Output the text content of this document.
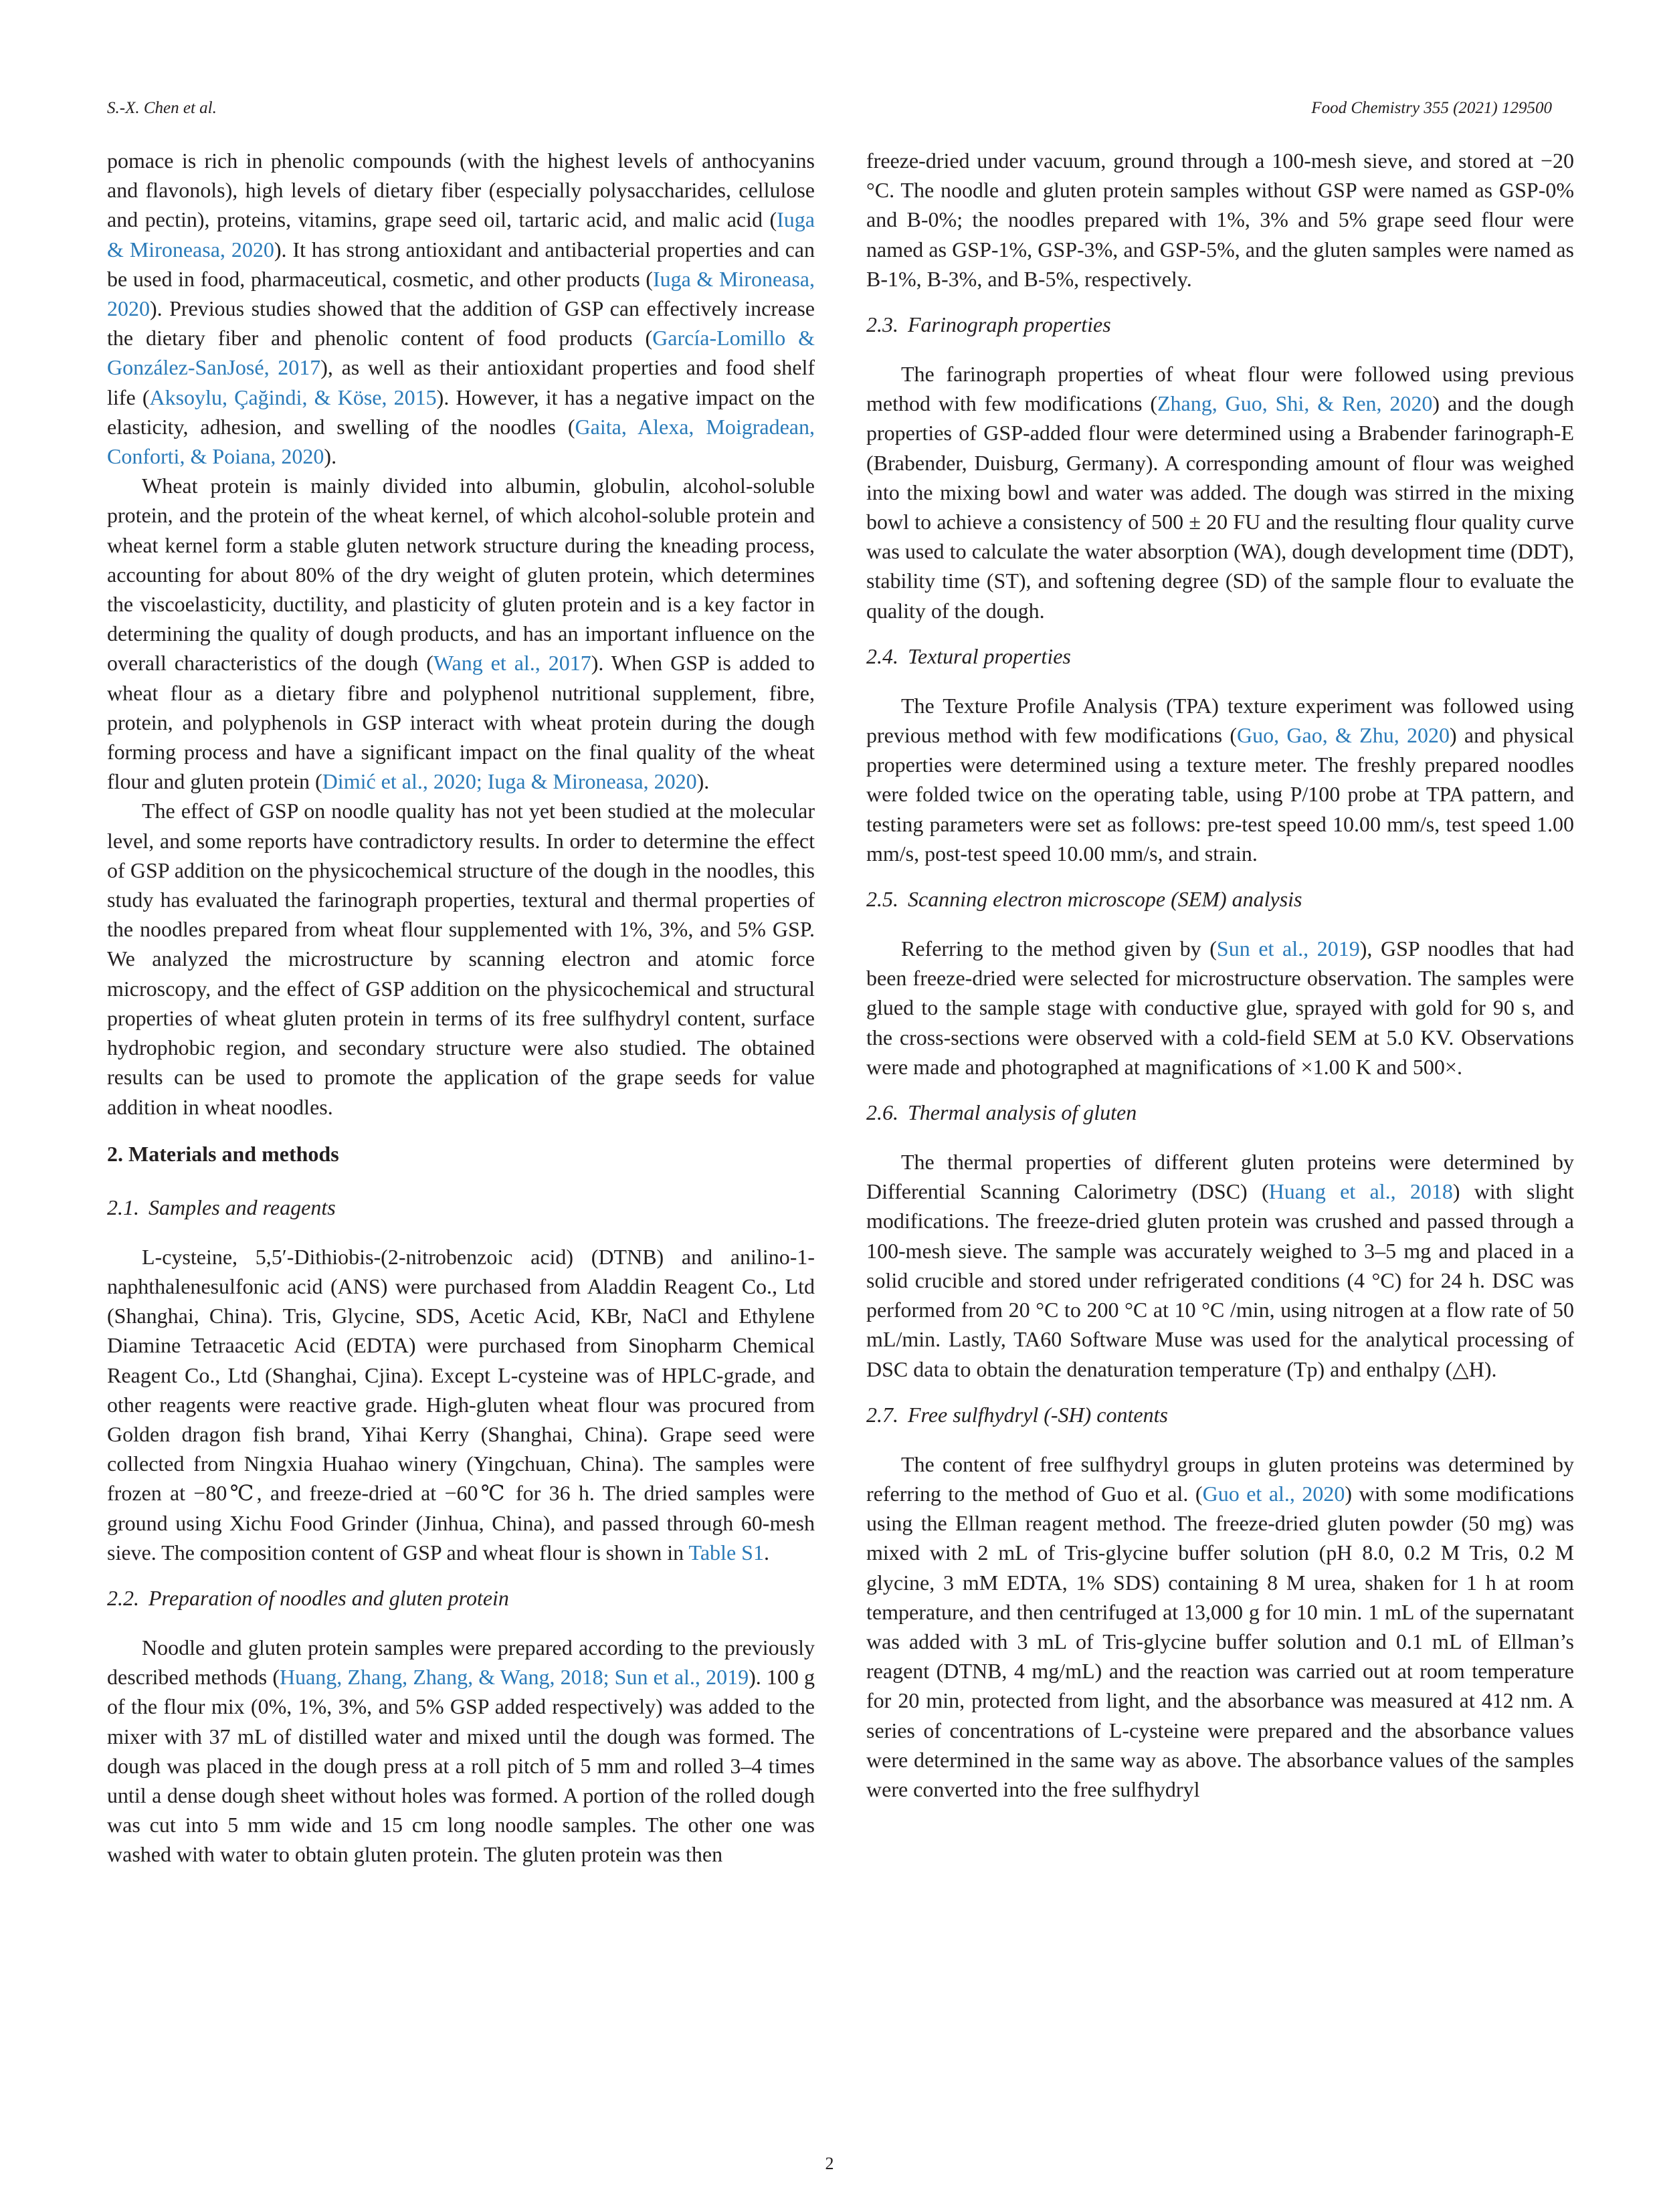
S.-X. Chen et al.	Food Chemistry 355 (2021) 129500

pomace is rich in phenolic compounds (with the highest levels of anthocyanins and flavonols), high levels of dietary fiber (especially polysaccharides, cellulose and pectin), proteins, vitamins, grape seed oil, tartaric acid, and malic acid (Iuga & Mironeasa, 2020). It has strong antioxidant and antibacterial properties and can be used in food, pharmaceutical, cosmetic, and other products (Iuga & Mironeasa, 2020). Previous studies showed that the addition of GSP can effectively increase the dietary fiber and phenolic content of food products (García-Lomillo & González-SanJosé, 2017), as well as their antioxidant properties and food shelf life (Aksoylu, Çağindi, & Köse, 2015). However, it has a negative impact on the elasticity, adhesion, and swelling of the noodles (Gaita, Alexa, Moigradean, Conforti, & Poiana, 2020).

Wheat protein is mainly divided into albumin, globulin, alcohol-soluble protein, and the protein of the wheat kernel, of which alcohol-soluble protein and wheat kernel form a stable gluten network structure during the kneading process, accounting for about 80% of the dry weight of gluten protein, which determines the viscoelasticity, ductility, and plasticity of gluten protein and is a key factor in determining the quality of dough products, and has an important influence on the overall characteristics of the dough (Wang et al., 2017). When GSP is added to wheat flour as a dietary fibre and polyphenol nutritional supplement, fibre, protein, and polyphenols in GSP interact with wheat protein during the dough forming process and have a significant impact on the final quality of the wheat flour and gluten protein (Dimić et al., 2020; Iuga & Mironeasa, 2020).

The effect of GSP on noodle quality has not yet been studied at the molecular level, and some reports have contradictory results. In order to determine the effect of GSP addition on the physicochemical structure of the dough in the noodles, this study has evaluated the farinograph properties, textural and thermal properties of the noodles prepared from wheat flour supplemented with 1%, 3%, and 5% GSP. We analyzed the microstructure by scanning electron and atomic force microscopy, and the effect of GSP addition on the physicochemical and structural properties of wheat gluten protein in terms of its free sulfhydryl content, surface hydrophobic region, and secondary structure were also studied. The obtained results can be used to promote the application of the grape seeds for value addition in wheat noodles.

2. Materials and methods
2.1. Samples and reagents

L-cysteine, 5,5′-Dithiobis-(2-nitrobenzoic acid) (DTNB) and anilino-1-naphthalenesulfonic acid (ANS) were purchased from Aladdin Reagent Co., Ltd (Shanghai, China). Tris, Glycine, SDS, Acetic Acid, KBr, NaCl and Ethylene Diamine Tetraacetic Acid (EDTA) were purchased from Sinopharm Chemical Reagent Co., Ltd (Shanghai, Cjina). Except L-cysteine was of HPLC-grade, and other reagents were reactive grade. High-gluten wheat flour was procured from Golden dragon fish brand, Yihai Kerry (Shanghai, China). Grape seed were collected from Ningxia Huahao winery (Yingchuan, China). The samples were frozen at −80℃, and freeze-dried at −60℃ for 36 h. The dried samples were ground using Xichu Food Grinder (Jinhua, China), and passed through 60-mesh sieve. The composition content of GSP and wheat flour is shown in Table S1.

2.2. Preparation of noodles and gluten protein

Noodle and gluten protein samples were prepared according to the previously described methods (Huang, Zhang, Zhang, & Wang, 2018; Sun et al., 2019). 100 g of the flour mix (0%, 1%, 3%, and 5% GSP added respectively) was added to the mixer with 37 mL of distilled water and mixed until the dough was formed. The dough was placed in the dough press at a roll pitch of 5 mm and rolled 3–4 times until a dense dough sheet without holes was formed. A portion of the rolled dough was cut into 5 mm wide and 15 cm long noodle samples. The other one was washed with water to obtain gluten protein. The gluten protein was then

freeze-dried under vacuum, ground through a 100-mesh sieve, and stored at −20 °C. The noodle and gluten protein samples without GSP were named as GSP-0% and B-0%; the noodles prepared with 1%, 3% and 5% grape seed flour were named as GSP-1%, GSP-3%, and GSP-5%, and the gluten samples were named as B-1%, B-3%, and B-5%, respectively.

2.3. Farinograph properties

The farinograph properties of wheat flour were followed using previous method with few modifications (Zhang, Guo, Shi, & Ren, 2020) and the dough properties of GSP-added flour were determined using a Brabender farinograph-E (Brabender, Duisburg, Germany). A corresponding amount of flour was weighed into the mixing bowl and water was added. The dough was stirred in the mixing bowl to achieve a consistency of 500 ± 20 FU and the resulting flour quality curve was used to calculate the water absorption (WA), dough development time (DDT), stability time (ST), and softening degree (SD) of the sample flour to evaluate the quality of the dough.

2.4. Textural properties

The Texture Profile Analysis (TPA) texture experiment was followed using previous method with few modifications (Guo, Gao, & Zhu, 2020) and physical properties were determined using a texture meter. The freshly prepared noodles were folded twice on the operating table, using P/100 probe at TPA pattern, and testing parameters were set as follows: pre-test speed 10.00 mm/s, test speed 1.00 mm/s, post-test speed 10.00 mm/s, and strain.

2.5. Scanning electron microscope (SEM) analysis

Referring to the method given by (Sun et al., 2019), GSP noodles that had been freeze-dried were selected for microstructure observation. The samples were glued to the sample stage with conductive glue, sprayed with gold for 90 s, and the cross-sections were observed with a cold-field SEM at 5.0 KV. Observations were made and photographed at magnifications of ×1.00 K and 500×.

2.6. Thermal analysis of gluten

The thermal properties of different gluten proteins were determined by Differential Scanning Calorimetry (DSC) (Huang et al., 2018) with slight modifications. The freeze-dried gluten protein was crushed and passed through a 100-mesh sieve. The sample was accurately weighed to 3–5 mg and placed in a solid crucible and stored under refrigerated conditions (4 °C) for 24 h. DSC was performed from 20 °C to 200 °C at 10 °C /min, using nitrogen at a flow rate of 50 mL/min. Lastly, TA60 Software Muse was used for the analytical processing of DSC data to obtain the denaturation temperature (Tp) and enthalpy (△H).

2.7. Free sulfhydryl (-SH) contents

The content of free sulfhydryl groups in gluten proteins was determined by referring to the method of Guo et al. (Guo et al., 2020) with some modifications using the Ellman reagent method. The freeze-dried gluten powder (50 mg) was mixed with 2 mL of Tris-glycine buffer solution (pH 8.0, 0.2 M Tris, 0.2 M glycine, 3 mM EDTA, 1% SDS) containing 8 M urea, shaken for 1 h at room temperature, and then centrifuged at 13,000 g for 10 min. 1 mL of the supernatant was added with 3 mL of Tris-glycine buffer solution and 0.1 mL of Ellman’s reagent (DTNB, 4 mg/mL) and the reaction was carried out at room temperature for 20 min, protected from light, and the absorbance was measured at 412 nm. A series of concentrations of L-cysteine were prepared and the absorbance values were determined in the same way as above. The absorbance values of the samples were converted into the free sulfhydryl

2
